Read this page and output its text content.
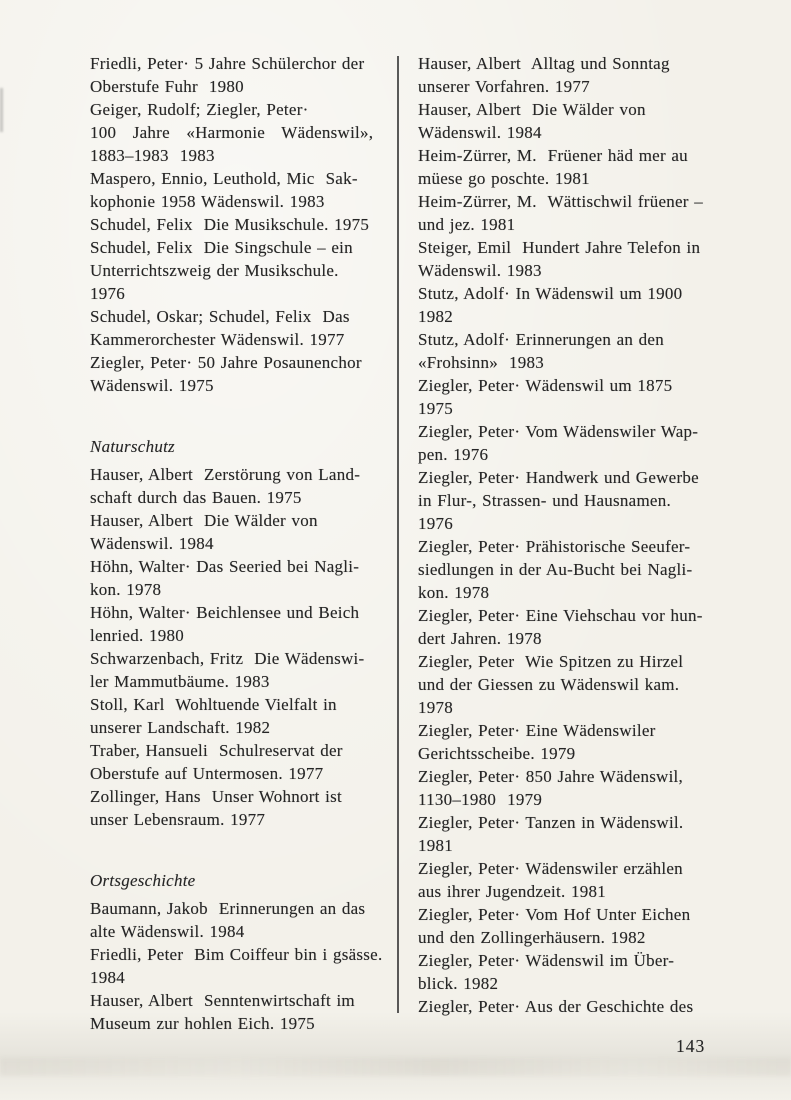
Friedli, Peter· 5 Jahre Schülerchor der
Oberstufe Fuhr  1980
Geiger, Rudolf; Ziegler, Peter·
100   Jahre   «Harmonie   Wädenswil»,
1883–1983  1983
Maspero, Ennio, Leuthold, Mic  Sak-
kophonie 1958 Wädenswil. 1983
Schudel, Felix  Die Musikschule. 1975
Schudel, Felix  Die Singschule – ein
Unterrichtszweig der Musikschule.
1976
Schudel, Oskar; Schudel, Felix  Das
Kammerorchester Wädenswil. 1977
Ziegler, Peter· 50 Jahre Posaunenchor
Wädenswil. 1975
Naturschutz
Hauser, Albert  Zerstörung von Land-
schaft durch das Bauen. 1975
Hauser, Albert  Die Wälder von
Wädenswil. 1984
Höhn, Walter· Das Seeried bei Nagli-
kon. 1978
Höhn, Walter· Beichlensee und Beich
lenried. 1980
Schwarzenbach, Fritz  Die Wädenswi-
ler Mammutbäume. 1983
Stoll, Karl  Wohltuende Vielfalt in
unserer Landschaft. 1982
Traber, Hansueli  Schulreservat der
Oberstufe auf Untermosen. 1977
Zollinger, Hans  Unser Wohnort ist
unser Lebensraum. 1977
Ortsgeschichte
Baumann, Jakob  Erinnerungen an das
alte Wädenswil. 1984
Friedli, Peter  Bim Coiffeur bin i gsässe.
1984
Hauser, Albert  Senntenwirtschaft im
Museum zur hohlen Eich. 1975
Hauser, Albert  Alltag und Sonntag
unserer Vorfahren. 1977
Hauser, Albert  Die Wälder von
Wädenswil. 1984
Heim-Zürrer, M.  Früener häd mer au
müese go poschte. 1981
Heim-Zürrer, M.  Wättischwil früener –
und jez. 1981
Steiger, Emil  Hundert Jahre Telefon in
Wädenswil. 1983
Stutz, Adolf· In Wädenswil um 1900
1982
Stutz, Adolf· Erinnerungen an den
«Frohsinn»  1983
Ziegler, Peter· Wädenswil um 1875
1975
Ziegler, Peter· Vom Wädenswiler Wap-
pen. 1976
Ziegler, Peter· Handwerk und Gewerbe
in Flur-, Strassen- und Hausnamen.
1976
Ziegler, Peter· Prähistorische Seeufer-
siedlungen in der Au-Bucht bei Nagli-
kon. 1978
Ziegler, Peter· Eine Viehschau vor hun-
dert Jahren. 1978
Ziegler, Peter  Wie Spitzen zu Hirzel
und der Giessen zu Wädenswil kam.
1978
Ziegler, Peter· Eine Wädenswiler
Gerichtsscheibe. 1979
Ziegler, Peter· 850 Jahre Wädenswil,
1130–1980  1979
Ziegler, Peter· Tanzen in Wädenswil.
1981
Ziegler, Peter· Wädenswiler erzählen
aus ihrer Jugendzeit. 1981
Ziegler, Peter· Vom Hof Unter Eichen
und den Zollingerhäusern. 1982
Ziegler, Peter· Wädenswil im Über-
blick. 1982
Ziegler, Peter· Aus der Geschichte des
143
